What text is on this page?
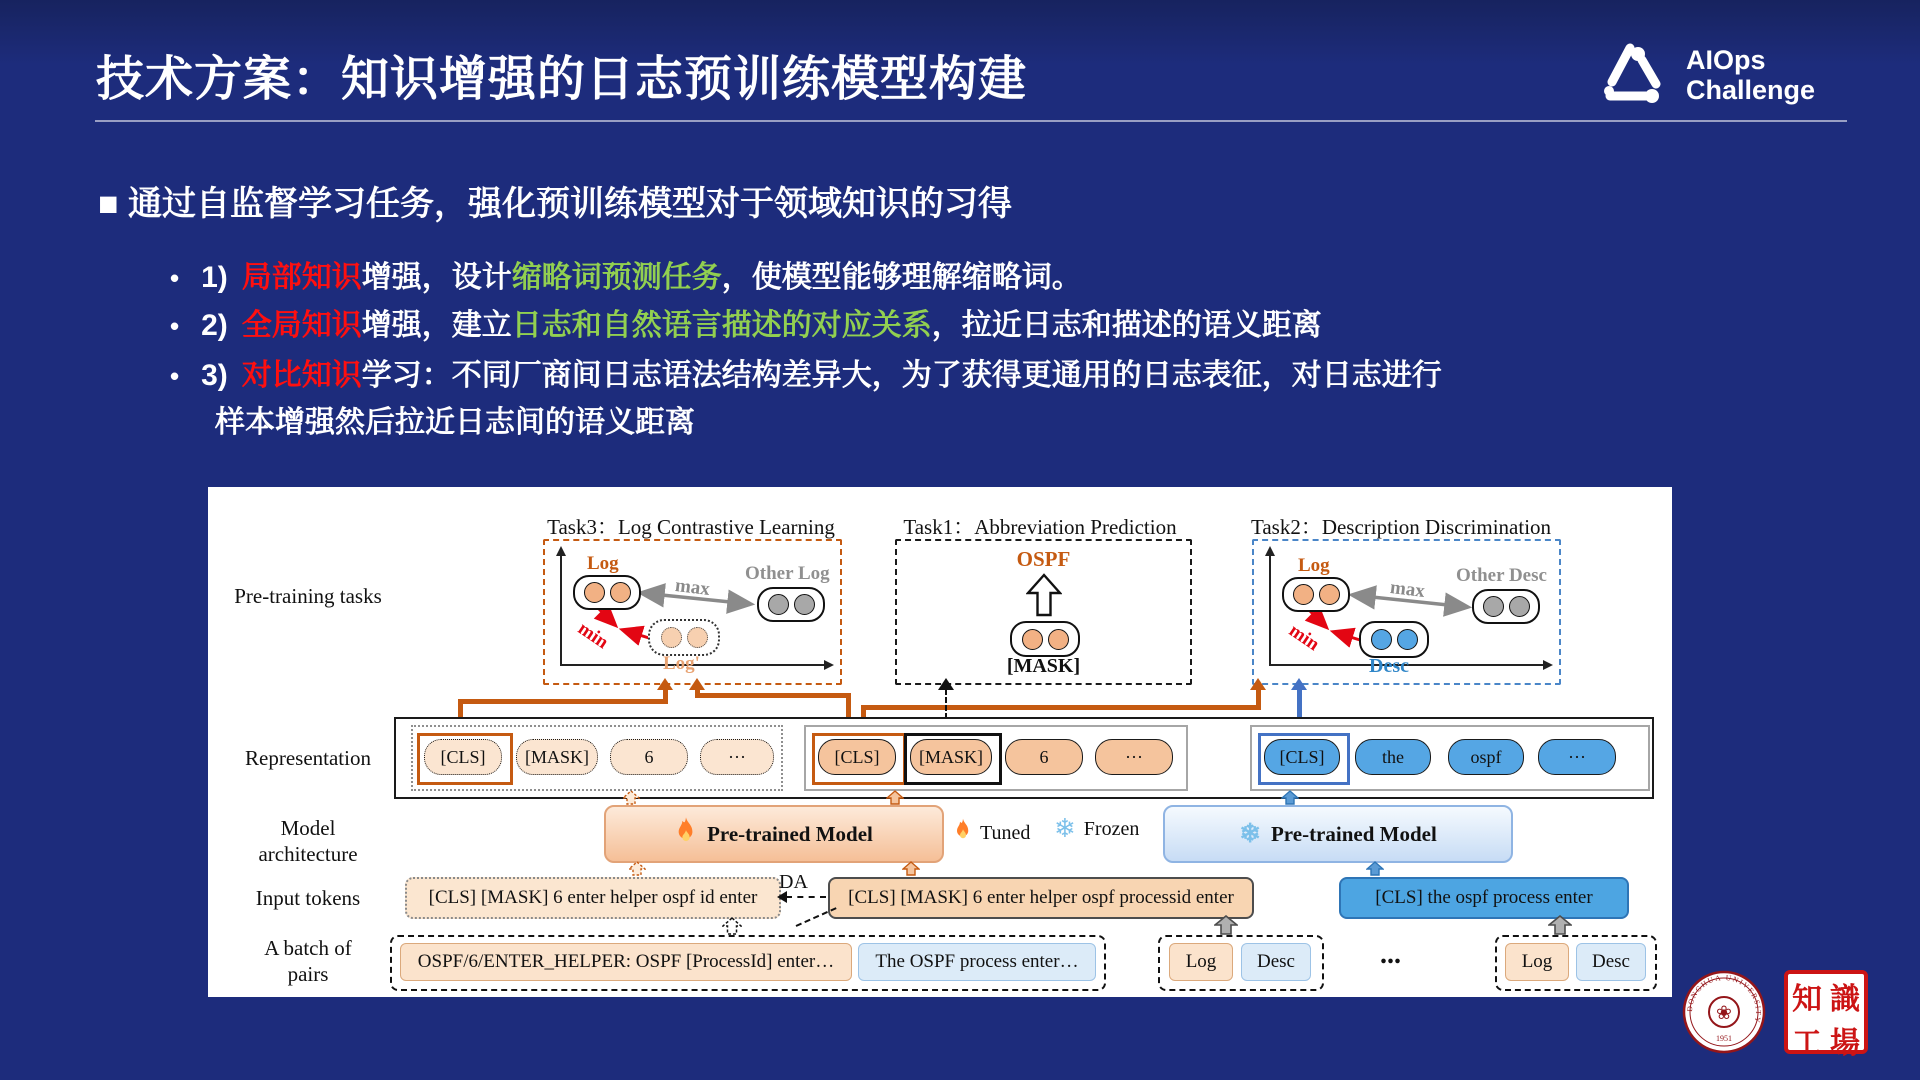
技术方案：知识增强的日志预训练模型构建	AIOps
Challenge
■ 通过自监督学习任务，强化预训练模型对于领域知识的习得
• 1) 局部知识增强，设计缩略词预测任务，使模型能够理解缩略词。
• 2) 全局知识增强，建立日志和自然语言描述的对应关系，拉近日志和描述的语义距离
• 3) 对比知识学习：不同厂商间日志语法结构差异大，为了获得更通用的日志表征，对日志进行
样本增强然后拉近日志间的语义距离
Pre-training tasks
Representation
Model architecture
Input tokens
A batch of pairs
Task3：Log Contrastive Learning	Task1：Abbreviation Prediction	Task2：Description Discrimination
Log
max
Other Log
min
Log'
OSPF
[MASK]
Log
max
Other Desc
min
Desc
[CLS]	[MASK]	6	···	[CLS]	[MASK]	6	···	[CLS]	the	ospf	···
Pre-trained Model	Tuned ❄ Frozen	❄ Pre-trained Model
[CLS] [MASK] 6 enter helper ospf id enter
DA
[CLS] [MASK] 6 enter helper ospf processid enter	[CLS] the ospf process enter
OSPF/6/ENTER_HELPER: OSPF [ProcessId] enter…	The OSPF process enter…	Log	Desc	...	Log	Desc
DONGHUA UNIVERSITY
❀
1951
知 識
工 場
